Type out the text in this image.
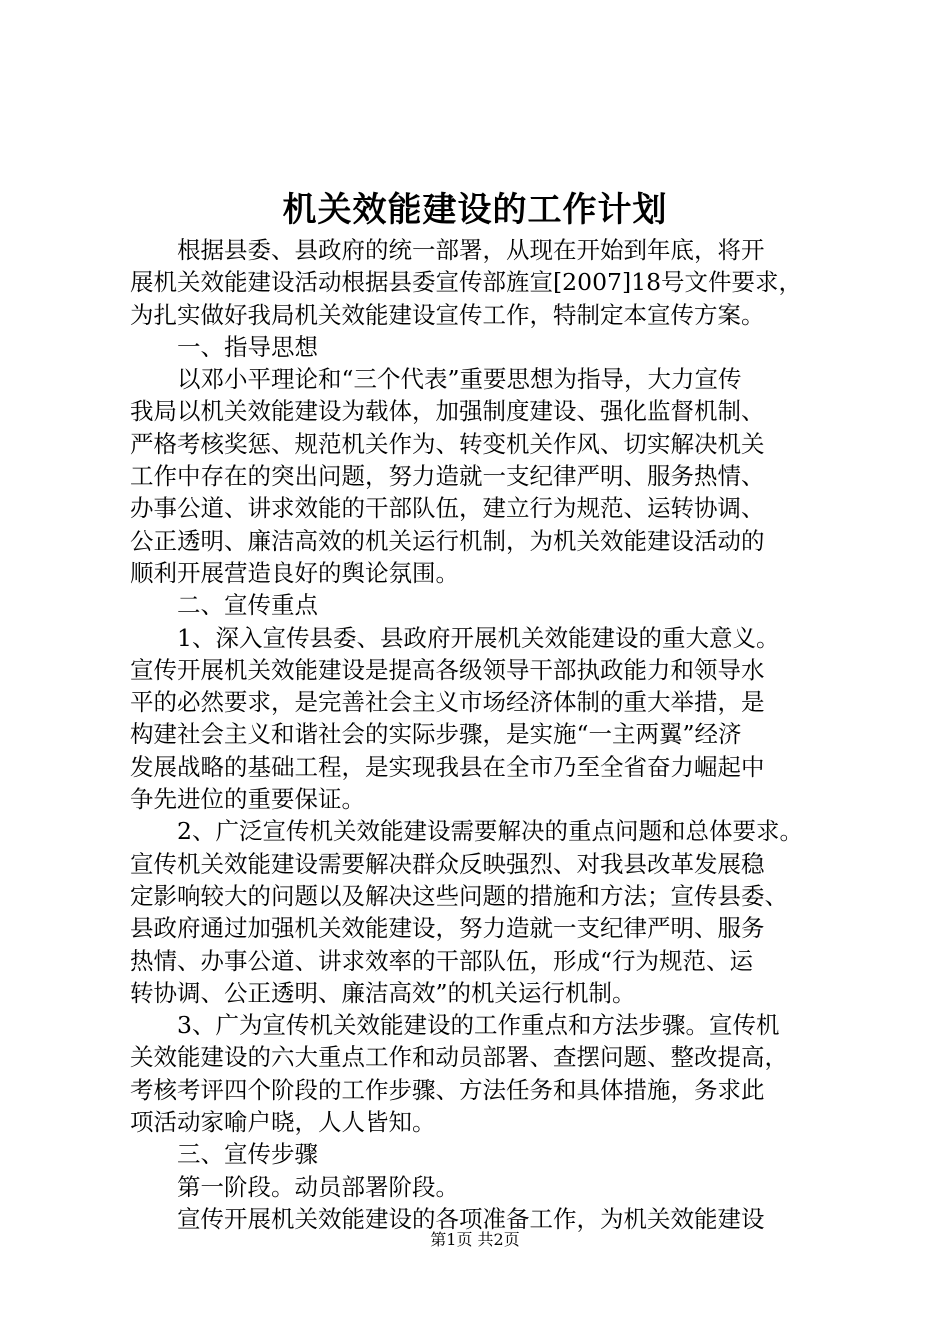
机关效能建设的工作计划
根据县委、县政府的统一部署，从现在开始到年底，将开
展机关效能建设活动根据县委宣传部旌宣[2007]18号文件要求，
为扎实做好我局机关效能建设宣传工作，特制定本宣传方案。
一、指导思想
以邓小平理论和“三个代表”重要思想为指导，大力宣传
我局以机关效能建设为载体，加强制度建设、强化监督机制、
严格考核奖惩、规范机关作为、转变机关作风、切实解决机关
工作中存在的突出问题，努力造就一支纪律严明、服务热情、
办事公道、讲求效能的干部队伍，建立行为规范、运转协调、
公正透明、廉洁高效的机关运行机制，为机关效能建设活动的
顺利开展营造良好的舆论氛围。
二、宣传重点
1、深入宣传县委、县政府开展机关效能建设的重大意义。
宣传开展机关效能建设是提高各级领导干部执政能力和领导水
平的必然要求，是完善社会主义市场经济体制的重大举措，是
构建社会主义和谐社会的实际步骤，是实施“一主两翼”经济
发展战略的基础工程，是实现我县在全市乃至全省奋力崛起中
争先进位的重要保证。
2、广泛宣传机关效能建设需要解决的重点问题和总体要求。
宣传机关效能建设需要解决群众反映强烈、对我县改革发展稳
定影响较大的问题以及解决这些问题的措施和方法；宣传县委、
县政府通过加强机关效能建设，努力造就一支纪律严明、服务
热情、办事公道、讲求效率的干部队伍，形成“行为规范、运
转协调、公正透明、廉洁高效”的机关运行机制。
3、广为宣传机关效能建设的工作重点和方法步骤。宣传机
关效能建设的六大重点工作和动员部署、查摆问题、整改提高，
考核考评四个阶段的工作步骤、方法任务和具体措施，务求此
项活动家喻户晓，人人皆知。
三、宣传步骤
第一阶段。动员部署阶段。
宣传开展机关效能建设的各项准备工作，为机关效能建设
第1页 共2页
